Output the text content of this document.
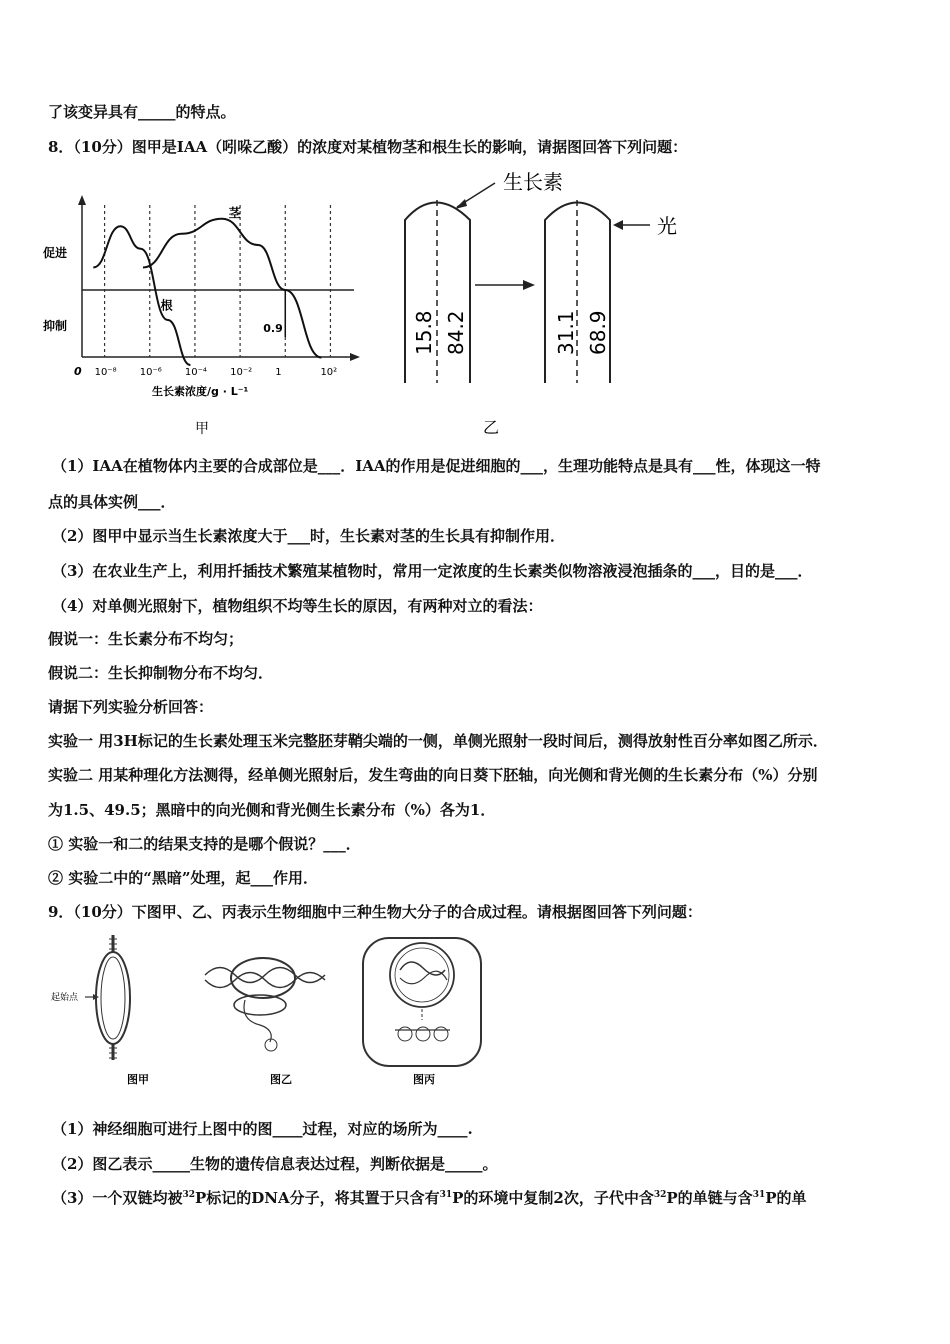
了该变异具有_____的特点。
8．（10分）图甲是IAA（吲哚乙酸）的浓度对某植物茎和根生长的影响，请据图回答下列问题：
0 10⁻⁸ 10⁻⁶ 10⁻⁴ 10⁻² 1	10²
促进
抑制
生长素浓度/g · L⁻¹
根
茎
0.9
甲
生长素
15.8 84.2
光
31.1 68.9
乙
（1）IAA在植物体内主要的合成部位是___．IAA的作用是促进细胞的___，生理功能特点是具有___性，体现这一特
点的具体实例___．
（2）图甲中显示当生长素浓度大于___时，生长素对茎的生长具有抑制作用．
（3）在农业生产上，利用扦插技术繁殖某植物时，常用一定浓度的生长素类似物溶液浸泡插条的___，目的是___．
（4）对单侧光照射下，植物组织不均等生长的原因，有两种对立的看法：
假说一：生长素分布不均匀；
假说二：生长抑制物分布不均匀．
请据下列实验分析回答：
实验一 用3H标记的生长素处理玉米完整胚芽鞘尖端的一侧，单侧光照射一段时间后，测得放射性百分率如图乙所示．
实验二 用某种理化方法测得，经单侧光照射后，发生弯曲的向日葵下胚轴，向光侧和背光侧的生长素分布（%）分别
为1.5、49.5；黑暗中的向光侧和背光侧生长素分布（%）各为1．
① 实验一和二的结果支持的是哪个假说？___．
② 实验二中的“黑暗”处理，起___作用．
9．（10分）下图甲、乙、丙表示生物细胞中三种生物大分子的合成过程。请根据图回答下列问题：
起始点
图甲	图乙	图丙
（1）神经细胞可进行上图中的图____过程，对应的场所为____.
（2）图乙表示_____生物的遗传信息表达过程，判断依据是_____。
（3）一个双链均被$^{32}$P标记的DNA分子，将其置于只含有$^{31}$P的环境中复制2次，子代中含$^{32}$P的单链与含$^{31}$P的单
